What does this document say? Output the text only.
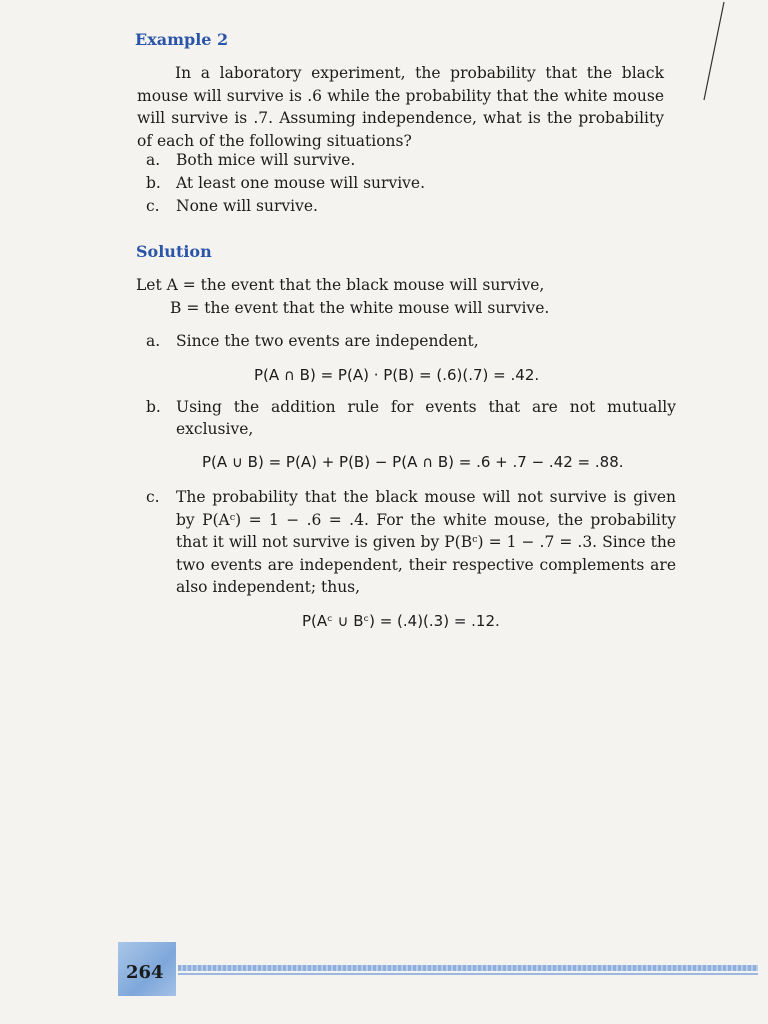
Example 2
In a laboratory experiment, the probability that the black mouse will survive is .6 while the probability that the white mouse will survive is .7. Assuming independence, what is the probability of each of the following situations?
a. Both mice will survive.
b. At least one mouse will survive.
c. None will survive.
Solution
Let A = the event that the black mouse will survive,
B = the event that the white mouse will survive.
a. Since the two events are independent,
P(A ∩ B) = P(A) · P(B) = (.6)(.7) = .42.
b. Using the addition rule for events that are not mutually exclusive,
P(A ∪ B) = P(A) + P(B) − P(A ∩ B) = .6 + .7 − .42 = .88.
c.	The probability that the black mouse will not survive is given by P(Aᶜ) = 1 − .6 = .4. For the white mouse, the probability that it will not survive is given by P(Bᶜ) = 1 − .7 = .3. Since the two events are independent, their respective complements are also independent; thus,
P(Aᶜ ∪ Bᶜ) = (.4)(.3) = .12.
264
